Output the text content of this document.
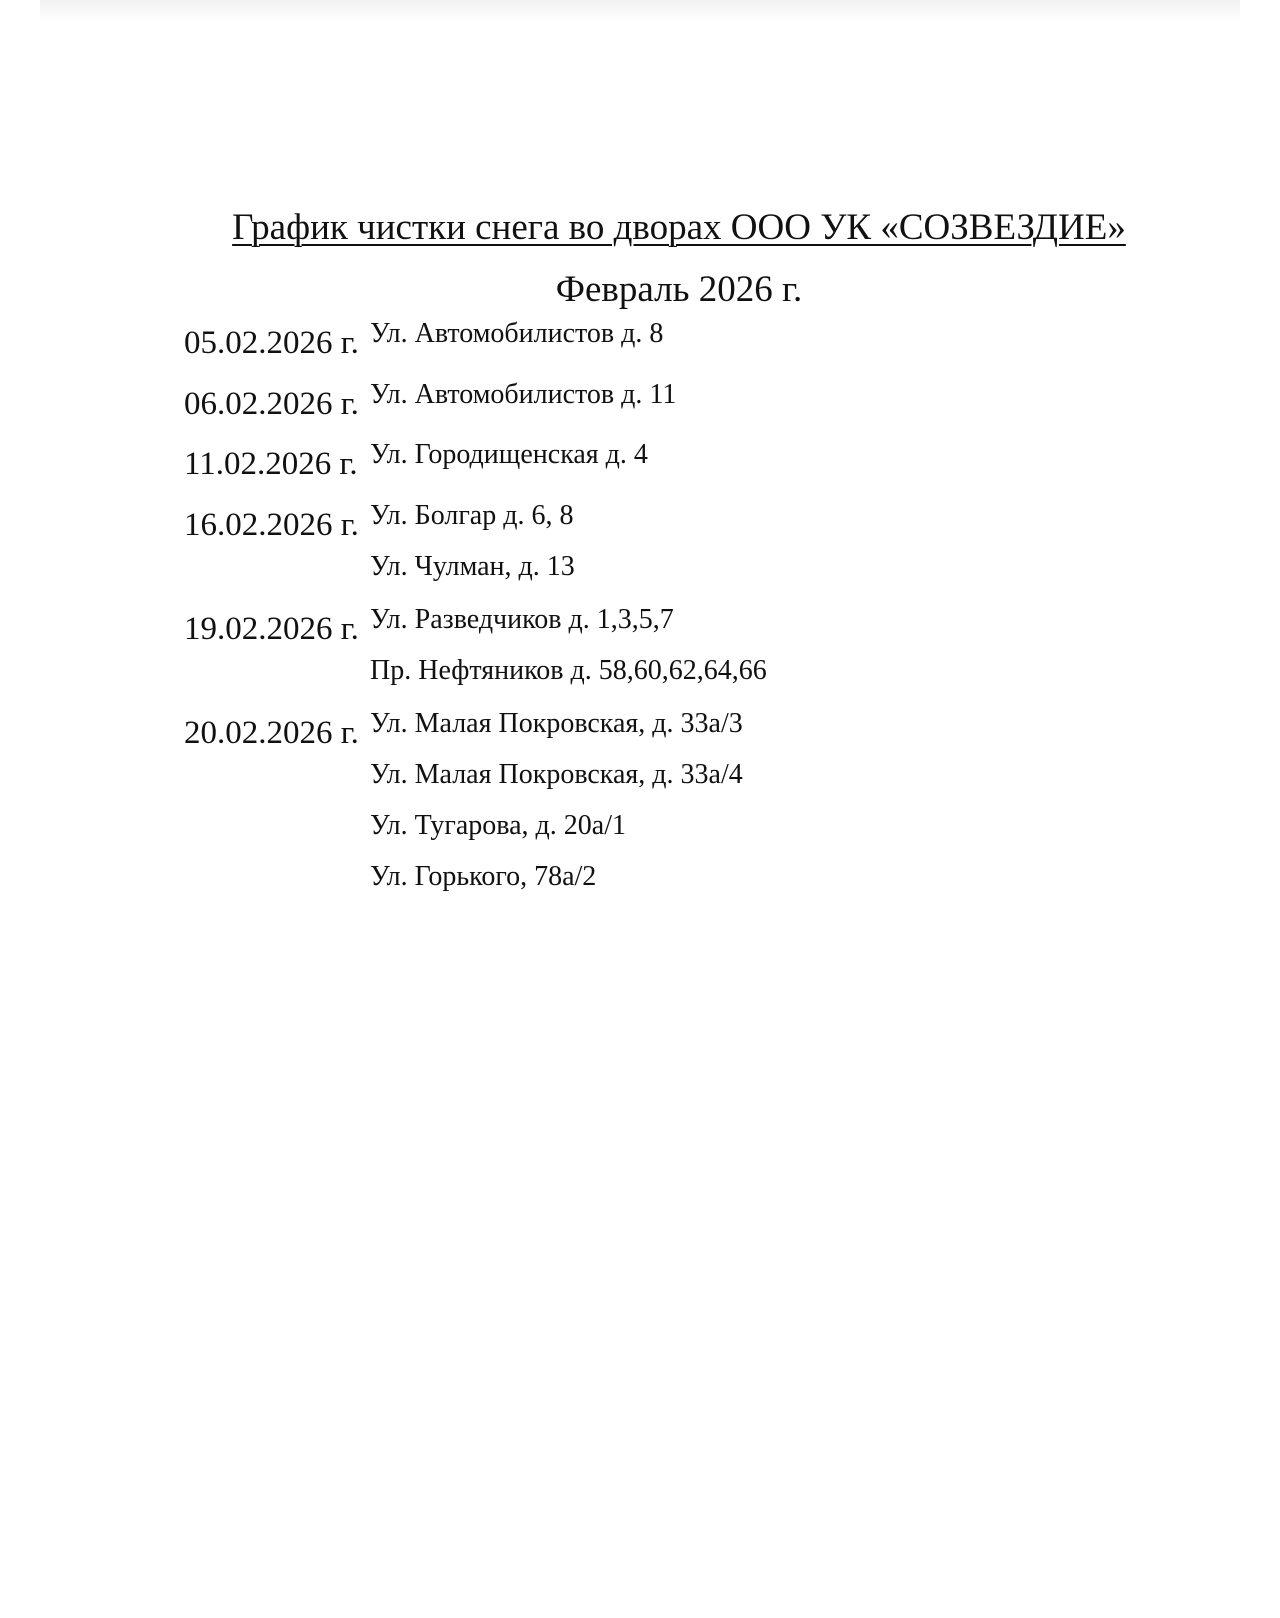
График чистки снега во дворах ООО УК «СОЗВЕЗДИЕ»
Февраль 2026 г.
05.02.2026 г. Ул. Автомобилистов д. 8
06.02.2026 г. Ул. Автомобилистов д. 11
11.02.2026 г. Ул. Городищенская д. 4
16.02.2026 г. Ул. Болгар д. 6, 8
Ул. Чулман, д. 13
19.02.2026 г. Ул. Разведчиков д. 1,3,5,7
Пр. Нефтяников д. 58,60,62,64,66
20.02.2026 г. Ул. Малая Покровская, д. 33а/3
Ул. Малая Покровская, д. 33а/4
Ул. Тугарова, д. 20а/1
Ул. Горького, 78а/2
